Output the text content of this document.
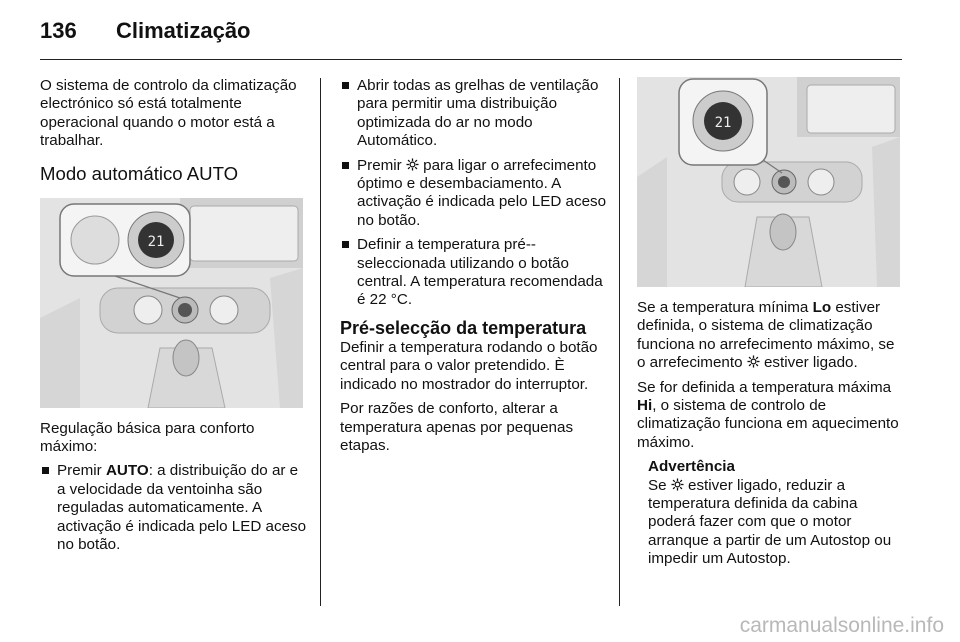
136 Climatização

O sistema de controlo da climatização electrónico só está totalmente operacional quando o motor está a trabalhar.

Modo automático AUTO
21

Regulação básica para conforto máximo:

Premir AUTO: a distribuição do ar e a velocidade da ventoinha são reguladas automaticamente. A activação é indicada pelo LED aceso no botão.
Abrir todas as grelhas de ventilação para permitir uma distribuição optimizada do ar no modo Automático.
Premir  para ligar o arrefecimento óptimo e desembaciamento. A activação é indicada pelo LED aceso no botão.
Definir a temperatura pré--seleccionada utilizando o botão central. A temperatura recomendada é 22 °C.
Pré-selecção da temperatura

Definir a temperatura rodando o botão central para o valor pretendido. È indicado no mostrador do interruptor.

Por razões de conforto, alterar a temperatura apenas por pequenas etapas.

21

Se a temperatura mínima Lo estiver definida, o sistema de climatização funciona no arrefecimento máximo, se o arrefecimento  estiver ligado.

Se for definida a temperatura máxima Hi, o sistema de controlo de climatização funciona em aquecimento máximo.

Advertência
Se  estiver ligado, reduzir a temperatura definida da cabina poderá fazer com que o motor arranque a partir de um Autostop ou impedir um Autostop.
carmanualsonline.info
